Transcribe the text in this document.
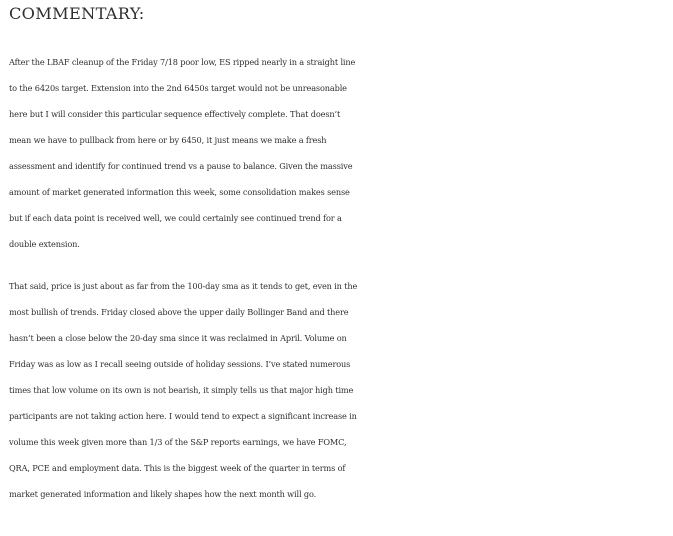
COMMENTARY:

After the LBAF cleanup of the Friday 7/18 poor low, ES ripped nearly in a straight line
to the 6420s target. Extension into the 2nd 6450s target would not be unreasonable
here but I will consider this particular sequence effectively complete. That doesn’t
mean we have to pullback from here or by 6450, it just means we make a fresh
assessment and identify for continued trend vs a pause to balance. Given the massive
amount of market generated information this week, some consolidation makes sense
but if each data point is received well, we could certainly see continued trend for a
double extension.

That said, price is just about as far from the 100-day sma as it tends to get, even in the
most bullish of trends. Friday closed above the upper daily Bollinger Band and there
hasn’t been a close below the 20-day sma since it was reclaimed in April. Volume on
Friday was as low as I recall seeing outside of holiday sessions. I’ve stated numerous
times that low volume on its own is not bearish, it simply tells us that major high time
participants are not taking action here. I would tend to expect a significant increase in
volume this week given more than 1/3 of the S&P reports earnings, we have FOMC,
QRA, PCE and employment data. This is the biggest week of the quarter in terms of
market generated information and likely shapes how the next month will go.
